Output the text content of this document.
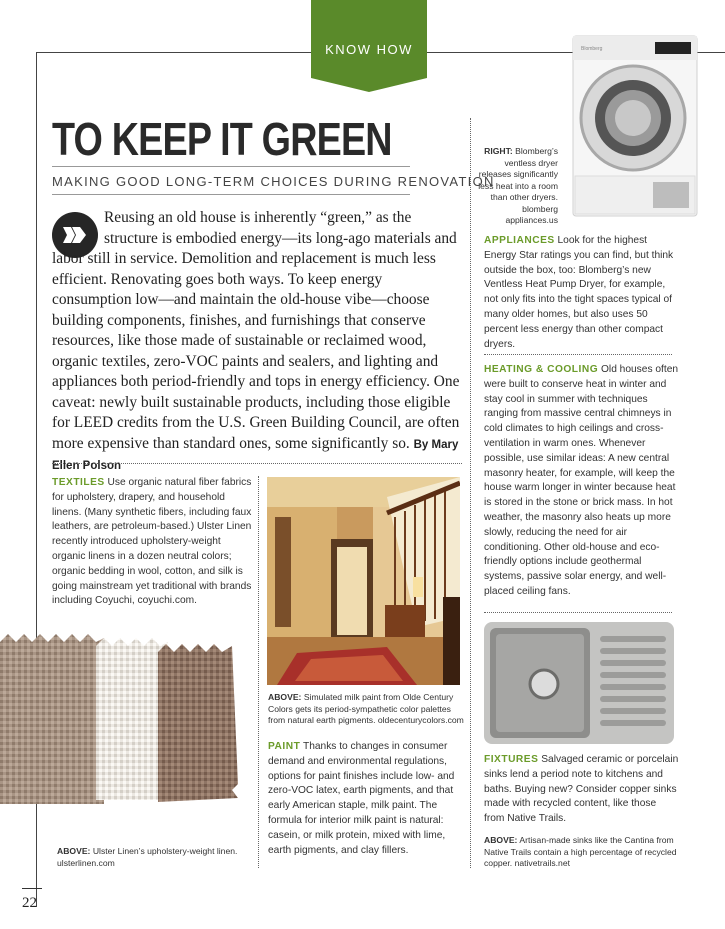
KNOW HOW
TO KEEP IT GREEN
MAKING GOOD LONG-TERM CHOICES DURING RENOVATION
Reusing an old house is inherently “green,” as the structure is embodied energy—its long-ago materials and labor still in service. Demolition and replacement is much less efficient. Renovating goes both ways. To keep energy consumption low—and maintain the old-house vibe—choose building components, finishes, and furnishings that conserve resources, like those made of sustainable or reclaimed wood, organic textiles, zero-VOC paints and sealers, and lighting and appliances both period-friendly and tops in energy efficiency. One caveat: newly built sustainable products, including those eligible for LEED credits from the U.S. Green Building Council, are often more expensive than standard ones, some significantly so. By Mary Ellen Polson
TEXTILES Use organic natural fiber fabrics for upholstery, drapery, and household linens. (Many synthetic fibers, including faux leathers, are petroleum-based.) Ulster Linen recently introduced upholstery-weight organic linens in a dozen neutral colors; organic bedding in wool, cotton, and silk is going mainstream yet traditional with brands including Coyuchi, coyuchi.com.
ABOVE: Ulster Linen’s upholstery-weight linen. ulsterlinen.com
ABOVE: Simulated milk paint from Olde Century Colors gets its period-sympathetic color palettes from natural earth pigments. oldecenturycolors.com
PAINT Thanks to changes in consumer demand and environmental regulations, options for paint finishes include low- and zero-VOC latex, earth pigments, and that early American staple, milk paint. The formula for interior milk paint is natural: casein, or milk protein, mixed with lime, earth pigments, and clay fillers.
Blomberg
RIGHT: Blomberg’s ventless dryer releases significantly less heat into a room than other dryers. blomberg appliances.us
APPLIANCES Look for the highest Energy Star ratings you can find, but think outside the box, too: Blomberg’s new Ventless Heat Pump Dryer, for example, not only fits into the tight spaces typical of many older homes, but also uses 50 percent less energy than other compact dryers.
HEATING & COOLING Old houses often were built to conserve heat in winter and stay cool in summer with techniques ranging from massive central chimneys in cold climates to high ceilings and cross-ventilation in warm ones. Whenever possible, use similar ideas: A new central masonry heater, for example, will keep the house warm longer in winter because heat is stored in the stone or brick mass. In hot weather, the masonry also heats up more slowly, reducing the need for air conditioning. Other old-house and eco-friendly options include geothermal systems, passive solar energy, and well-placed ceiling fans.
FIXTURES Salvaged ceramic or porcelain sinks lend a period note to kitchens and baths. Buying new? Consider copper sinks made with recycled content, like those from Native Trails.
ABOVE: Artisan-made sinks like the Cantina from Native Trails contain a high percentage of recycled copper. nativetrails.net
22
